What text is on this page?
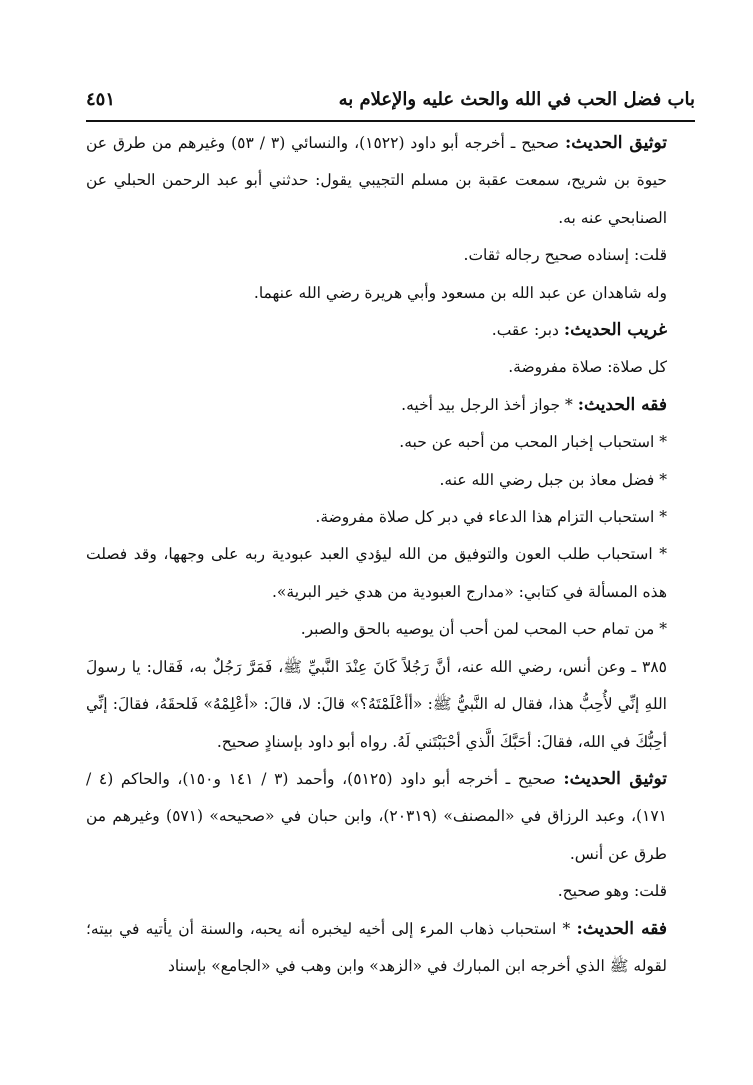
باب فضل الحب في الله والحث عليه والإعلام به
٤٥١

توثيق الحديث: صحيح ـ أخرجه أبو داود (١٥٢٢)، والنسائي (٣ / ٥٣) وغيرهم من طرق عن حيوة بن شريح، سمعت عقبة بن مسلم التجيبي يقول: حدثني أبو عبد الرحمن الحبلي عن الصنابحي عنه به.

قلت: إسناده صحيح رجاله ثقات.

وله شاهدان عن عبد الله بن مسعود وأبي هريرة رضي الله عنهما.

غريب الحديث: دبر: عقب.

كل صلاة: صلاة مفروضة.

فقه الحديث: * جواز أخذ الرجل بيد أخيه.

* استحباب إخبار المحب من أحبه عن حبه.

* فضل معاذ بن جبل رضي الله عنه.

* استحباب التزام هذا الدعاء في دبر كل صلاة مفروضة.

* استحباب طلب العون والتوفيق من الله ليؤدي العبد عبودية ربه على وجهها، وقد فصلت هذه المسألة في كتابي: «مدارج العبودية من هدي خير البرية».

* من تمام حب المحب لمن أحب أن يوصيه بالحق والصبر.

٣٨٥ ـ وعن أنس، رضي الله عنه، أنَّ رَجُلاً كَانَ عِنْدَ النَّبيِّ ﷺ، فَمَرَّ رَجُلٌ به، فَقال: يا رسولَ اللهِ إنِّي لأُحِبُّ هذا، فقال له النَّبيُّ ﷺ: «أأعْلَمْتَهُ؟» قالَ: لا، قالَ: «أعْلِمْهُ» فَلحقَهُ، فقالَ: إنِّي أحِبُّكَ في الله، فقالَ: أحَبَّكَ الَّذي أحْبَبْتَني لَهُ. رواه أبو داود بإسنادٍ صحيح.

توثيق الحديث: صحيح ـ أخرجه أبو داود (٥١٢٥)، وأحمد (٣ / ١٤١ و١٥٠)، والحاكم (٤ / ١٧١)، وعبد الرزاق في «المصنف» (٢٠٣١٩)، وابن حبان في «صحيحه» (٥٧١) وغيرهم من طرق عن أنس.

قلت: وهو صحيح.

فقه الحديث: * استحباب ذهاب المرء إلى أخيه ليخبره أنه يحبه، والسنة أن يأتيه في بيته؛ لقوله ﷺ الذي أخرجه ابن المبارك في «الزهد» وابن وهب في «الجامع» بإسناد
